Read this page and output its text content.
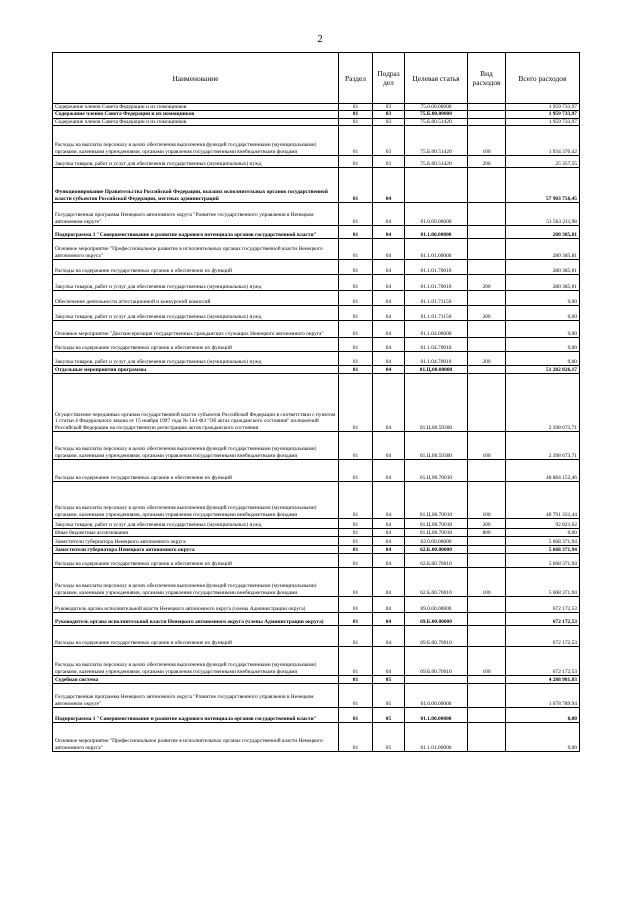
2
Наименование	Раздел	Подраз дел	Целевая статья	Вид расходов	Всего расходов
Содержание членов Совета Федерации и их помощников	01	03	75.0.00.00000		1 959 733,97
Содержание членов Совета Федерации и их помощников	01	03	75.Б.00.00000		1 959 733,97
Содержание членов Совета Федерации и их помощников	01	03	75.Б.00.51420		1 959 733,97
Расходы на выплаты персоналу в целях обеспечения выполнения функций государственными (муниципальными) органами, казенными учреждениями, органами управления государственными внебюджетными фондами	01	03	75.Б.00.51420	100	1 934 376,42
Закупка товаров, работ и услуг для обеспечения государственных (муниципальных) нужд	01	03	75.Б.00.51420	200	25 357,55
Функционирование Правительства Российской Федерации, высших исполнительных органов государственной власти субъектов Российской Федерации, местных администраций	01	04			57 903 756,45
Государственная программа Ненецкого автономного округа "Развитие государственного управления в Ненецком автономном округе"	01	04	01.0.00.00000		51 563 211,98
Подпрограмма 1 "Совершенствование и развитие кадрового потенциала органов государственной власти"	01	04	01.1.00.00000		280 385,81
Основное мероприятие "Профессиональное развитие в исполнительных органах государственной власти Ненецкого автономного округа"	01	04	01.1.01.00000		280 385,81
Расходы на содержание государственных органов и обеспечение их функций	01	04	01.1.01.70010		280 385,81
Закупка товаров, работ и услуг для обеспечения государственных (муниципальных) нужд	01	04	01.1.01.70010	200	280 385,81
Обеспечение деятельности аттестационной и конкурсной комиссий	01	04	01.1.01.71150		0,00
Закупка товаров, работ и услуг для обеспечения государственных (муниципальных) нужд	01	04	01.1.01.71150	200	0,00
Основное мероприятие "Диспансеризация государственных гражданских служащих Ненецкого автономного округа"	01	04	01.1.04.00000		0,00
Расходы на содержание государственных органов и обеспечение их функций	01	04	01.1.04.70010		0,00
Закупка товаров, работ и услуг для обеспечения государственных (муниципальных) нужд	01	04	01.1.04.70010	200	0,00
Отдельные мероприятия программы	01	04	01.Ц.00.00000		51 282 826,17
Осуществление переданных органам государственной власти субъектов Российской Федерации в соответствии с пунктом 1 статьи 4 Федерального закона от 15 ноября 1997 года № 143-ФЗ "Об актах гражданского состояния" полномочий Российской Федерации на государственную регистрацию актов гражданского состояния	01	04	01.Ц.00.59300		2 398 673,71
Расходы на выплаты персоналу в целях обеспечения выполнения функций государственными (муниципальными) органами, казенными учреждениями, органами управления государственными внебюджетными фондами	01	04	01.Ц.00.59300	100	2 398 673,71
Расходы на содержание государственных органов и обеспечение их функций	01	04	01.Ц.00.70010		48 884 152,46
Расходы на выплаты персоналу в целях обеспечения выполнения функций государственными (муниципальными) органами, казенными учреждениями, органами управления государственными внебюджетными фондами	01	04	01.Ц.00.70010	100	48 791 331,44
Закупка товаров, работ и услуг для обеспечения государственных (муниципальных) нужд	01	04	01.Ц.00.70010	200	92 821,02
Иные бюджетные ассигнования	01	04	01.Ц.00.70010	800	0,00
Заместители губернатора Ненецкого автономного округа	01	04	62.0.00.00000		5 668 371,94
Заместители губернатора Ненецкого автономного округа	01	04	62.Б.00.00000		5 668 371,94
Расходы на содержание государственных органов и обеспечение их функций	01	04	62.Б.00.70010		5 668 371,94
Расходы на выплаты персоналу в целях обеспечения выполнения функций государственными (муниципальными) органами, казенными учреждениями, органами управления государственными внебюджетными фондами	01	04	62.Б.00.70010	100	5 668 371,94
Руководитель органа исполнительной власти Ненецкого автономного округа (члены Администрации округа)	01	04	69.0.00.00000		672 172,53
Руководитель органа исполнительной власти Ненецкого автономного округа (члены Администрации округа)	01	04	69.Б.00.00000		672 172,53
Расходы на содержание государственных органов и обеспечение их функций	01	04	69.Б.00.70010		672 172,53
Расходы на выплаты персоналу в целях обеспечения выполнения функций государственными (муниципальными) органами, казенными учреждениями, органами управления государственными внебюджетными фондами	01	04	69.Б.00.70010	100	672 172,53
Судебная система	01	05			4 288 981,83
Государственная программа Ненецкого автономного округа "Развитие государственного управления в Ненецком автономном округе"	01	05	01.0.00.00000		1 678 789,94
Подпрограмма 1 "Совершенствование и развитие кадрового потенциала органов государственной власти"	01	05	01.1.00.00000		0,00
Основное мероприятие "Профессиональное развитие в исполнительных органах государственной власти Ненецкого автономного округа"	01	05	01.1.01.00000		0,00
